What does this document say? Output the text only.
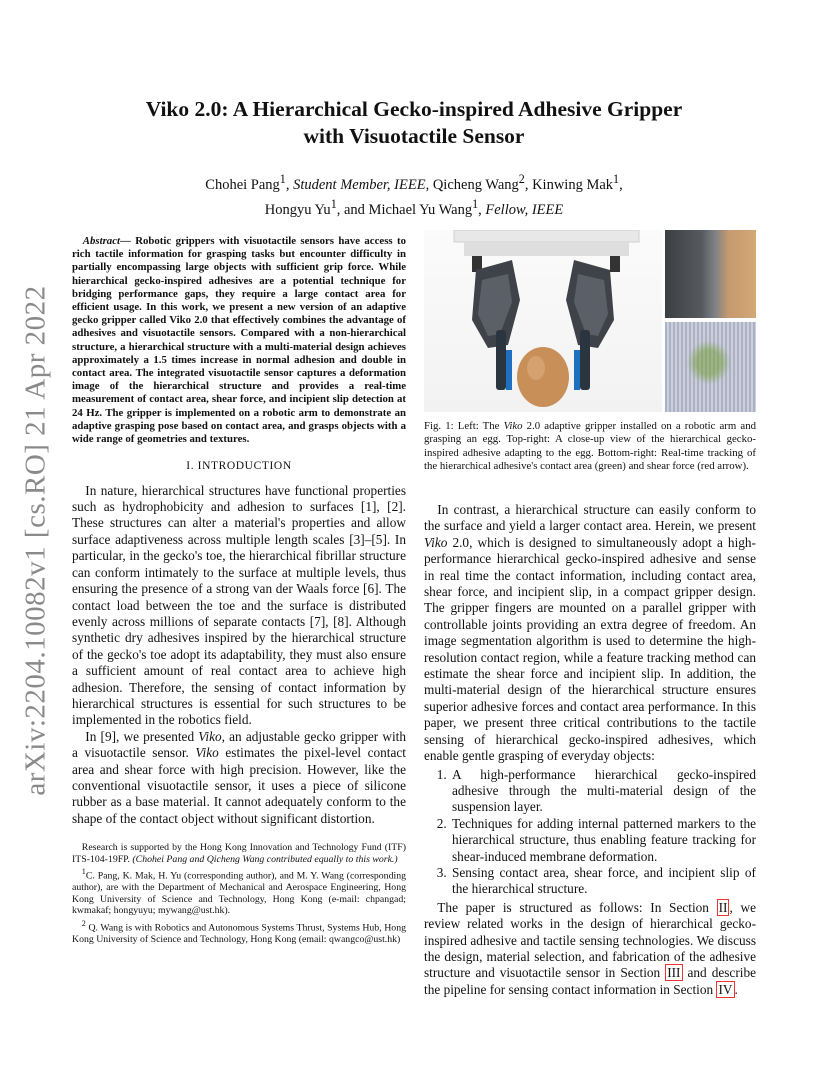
arXiv:2204.10082v1 [cs.RO] 21 Apr 2022
Viko 2.0: A Hierarchical Gecko-inspired Adhesive Gripper
with Visuotactile Sensor
Chohei Pang$^1$, Student Member, IEEE, Qicheng Wang$^2$, Kinwing Mak$^1$,
Hongyu Yu$^1$, and Michael Yu Wang$^1$, Fellow, IEEE

Abstract— Robotic grippers with visuotactile sensors have access to rich tactile information for grasping tasks but encounter difficulty in partially encompassing large objects with sufficient grip force. While hierarchical gecko-inspired adhesives are a potential technique for bridging performance gaps, they require a large contact area for efficient usage. In this work, we present a new version of an adaptive gecko gripper called Viko 2.0 that effectively combines the advantage of adhesives and visuotactile sensors. Compared with a non-hierarchical structure, a hierarchical structure with a multi-material design achieves approximately a 1.5 times increase in normal adhesion and double in contact area. The integrated visuotactile sensor captures a deformation image of the hierarchical structure and provides a real-time measurement of contact area, shear force, and incipient slip detection at 24 Hz. The gripper is implemented on a robotic arm to demonstrate an adaptive grasping pose based on contact area, and grasps objects with a wide range of geometries and textures.

I. INTRODUCTION

In nature, hierarchical structures have functional properties such as hydrophobicity and adhesion to surfaces [1], [2]. These structures can alter a material's properties and allow surface adaptiveness across multiple length scales [3]–[5]. In particular, in the gecko's toe, the hierarchical fibrillar structure can conform intimately to the surface at multiple levels, thus ensuring the presence of a strong van der Waals force [6]. The contact load between the toe and the surface is distributed evenly across millions of separate contacts [7], [8]. Although synthetic dry adhesives inspired by the hierarchical structure of the gecko's toe adopt its adaptability, they must also ensure a sufficient amount of real contact area to achieve high adhesion. Therefore, the sensing of contact information by hierarchical structures is essential for such structures to be implemented in the robotics field.

In [9], we presented Viko, an adjustable gecko gripper with a visuotactile sensor. Viko estimates the pixel-level contact area and shear force with high precision. However, like the conventional visuotactile sensor, it uses a piece of silicone rubber as a base material. It cannot adequately conform to the shape of the contact object without significant distortion.

Research is supported by the Hong Kong Innovation and Technology Fund (ITF) ITS-104-19FP. (Chohei Pang and Qicheng Wang contributed equally to this work.)

$^1$C. Pang, K. Mak, H. Yu (corresponding author), and M. Y. Wang (corresponding author), are with the Department of Mechanical and Aerospace Engineering, Hong Kong University of Science and Technology, Hong Kong (e-mail: chpangad; kwmakaf; hongyuyu; mywang@ust.hk).

$^2$ Q. Wang is with Robotics and Autonomous Systems Thrust, Systems Hub, Hong Kong University of Science and Technology, Hong Kong (email: qwangco@ust.hk)

Fig. 1: Left: The Viko 2.0 adaptive gripper installed on a robotic arm and grasping an egg. Top-right: A close-up view of the hierarchical gecko-inspired adhesive adapting to the egg. Bottom-right: Real-time tracking of the hierarchical adhesive's contact area (green) and shear force (red arrow).

In contrast, a hierarchical structure can easily conform to the surface and yield a larger contact area. Herein, we present Viko 2.0, which is designed to simultaneously adopt a high-performance hierarchical gecko-inspired adhesive and sense in real time the contact information, including contact area, shear force, and incipient slip, in a compact gripper design. The gripper fingers are mounted on a parallel gripper with controllable joints providing an extra degree of freedom. An image segmentation algorithm is used to determine the high-resolution contact region, while a feature tracking method can estimate the shear force and incipient slip. In addition, the multi-material design of the hierarchical structure ensures superior adhesive forces and contact area performance. In this paper, we present three critical contributions to the tactile sensing of hierarchical gecko-inspired adhesives, which enable gentle grasping of everyday objects:

1. A high-performance hierarchical gecko-inspired adhesive through the multi-material design of the suspension layer.
2. Techniques for adding internal patterned markers to the hierarchical structure, thus enabling feature tracking for shear-induced membrane deformation.
3. Sensing contact area, shear force, and incipient slip of the hierarchical structure.

The paper is structured as follows: In Section II , we review related works in the design of hierarchical gecko-inspired adhesive and tactile sensing technologies. We discuss the design, material selection, and fabrication of the adhesive structure and visuotactile sensor in Section III and describe the pipeline for sensing contact information in Section IV .
